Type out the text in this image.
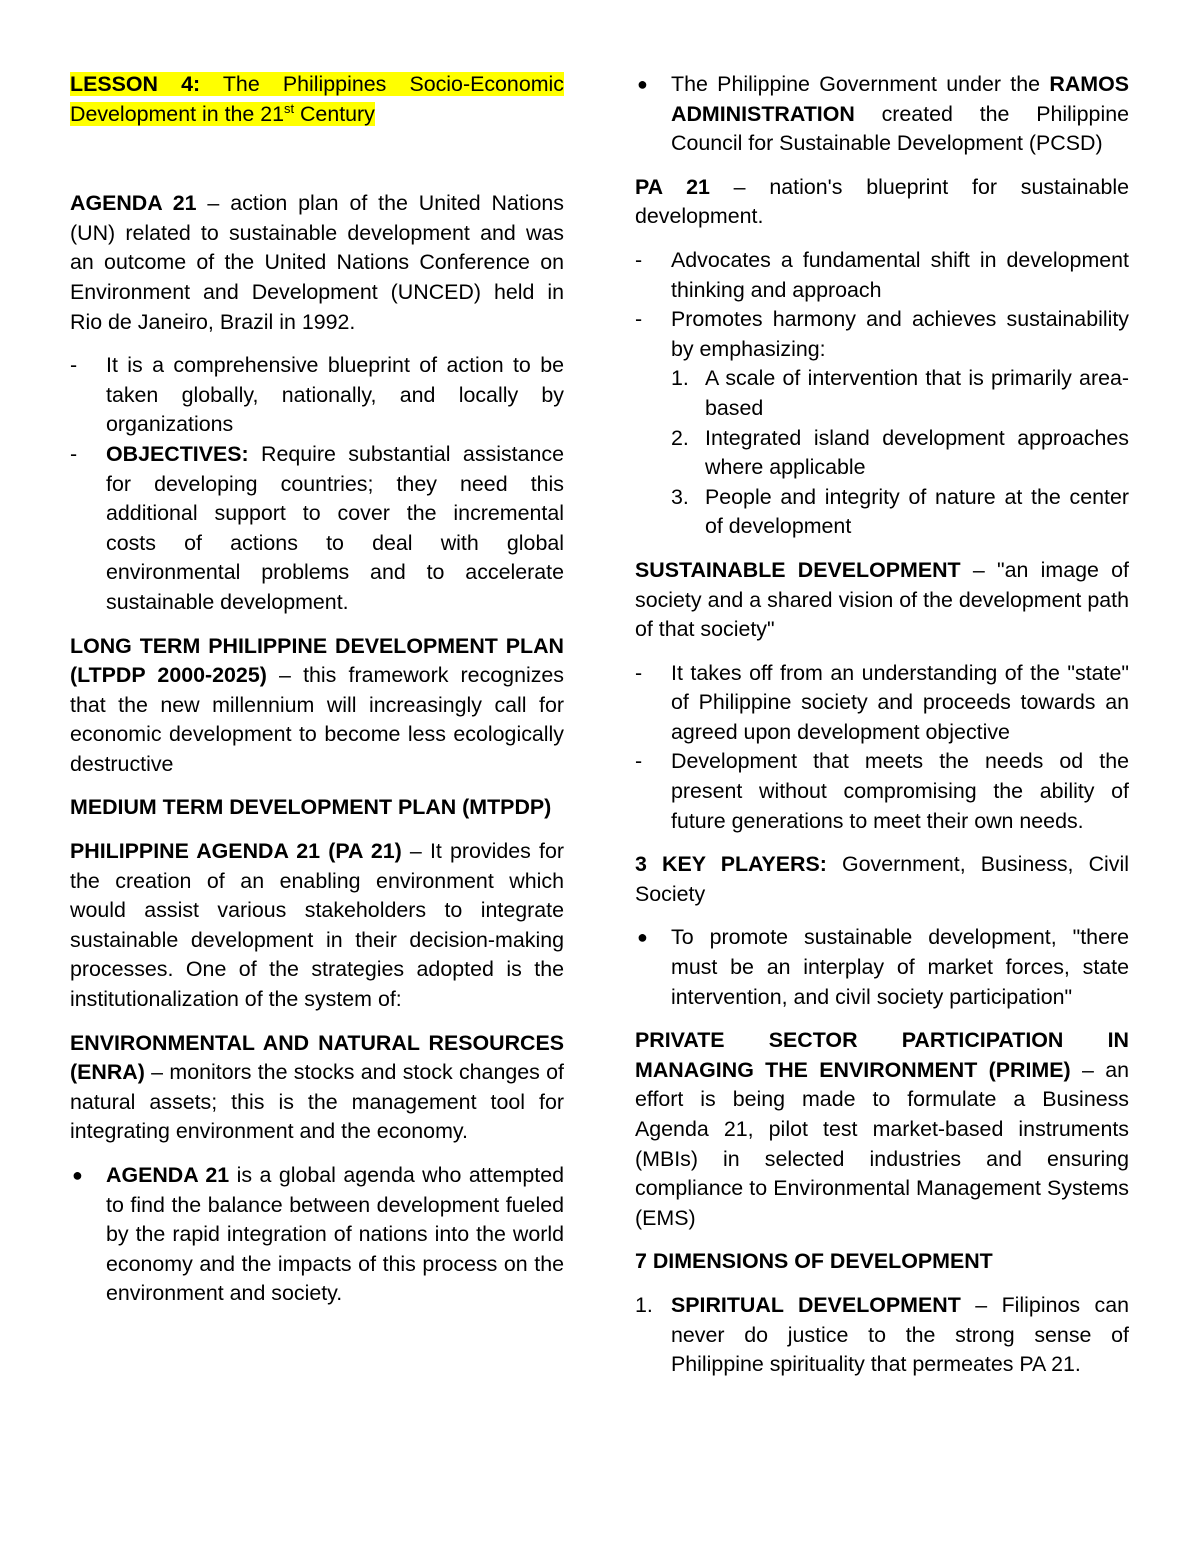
LESSON 4: The Philippines Socio-Economic Development in the 21st Century

AGENDA 21 – action plan of the United Nations (UN) related to sustainable development and was an outcome of the United Nations Conference on Environment and Development (UNCED) held in Rio de Janeiro, Brazil in 1992.

- It is a comprehensive blueprint of action to be taken globally, nationally, and locally by organizations
- OBJECTIVES: Require substantial assistance for developing countries; they need this additional support to cover the incremental costs of actions to deal with global environmental problems and to accelerate sustainable development.

LONG TERM PHILIPPINE DEVELOPMENT PLAN (LTPDP 2000-2025) – this framework recognizes that the new millennium will increasingly call for economic development to become less ecologically destructive

MEDIUM TERM DEVELOPMENT PLAN (MTPDP)

PHILIPPINE AGENDA 21 (PA 21) – It provides for the creation of an enabling environment which would assist various stakeholders to integrate sustainable development in their decision-making processes. One of the strategies adopted is the institutionalization of the system of:

ENVIRONMENTAL AND NATURAL RESOURCES (ENRA) – monitors the stocks and stock changes of natural assets; this is the management tool for integrating environment and the economy.

● AGENDA 21 is a global agenda who attempted to find the balance between development fueled by the rapid integration of nations into the world economy and the impacts of this process on the environment and society.
● The Philippine Government under the RAMOS ADMINISTRATION created the Philippine Council for Sustainable Development (PCSD)

PA 21 – nation's blueprint for sustainable development.

- Advocates a fundamental shift in development thinking and approach
- Promotes harmony and achieves sustainability by emphasizing:
1. A scale of intervention that is primarily area-based
2. Integrated island development approaches where applicable
3. People and integrity of nature at the center of development

SUSTAINABLE DEVELOPMENT – "an image of society and a shared vision of the development path of that society"

- It takes off from an understanding of the "state" of Philippine society and proceeds towards an agreed upon development objective
- Development that meets the needs od the present without compromising the ability of future generations to meet their own needs.

3 KEY PLAYERS: Government, Business, Civil Society

● To promote sustainable development, "there must be an interplay of market forces, state intervention, and civil society participation"

PRIVATE SECTOR PARTICIPATION IN MANAGING THE ENVIRONMENT (PRIME) – an effort is being made to formulate a Business Agenda 21, pilot test market-based instruments (MBIs) in selected industries and ensuring compliance to Environmental Management Systems (EMS)

7 DIMENSIONS OF DEVELOPMENT

1. SPIRITUAL DEVELOPMENT – Filipinos can never do justice to the strong sense of Philippine spirituality that permeates PA 21.
